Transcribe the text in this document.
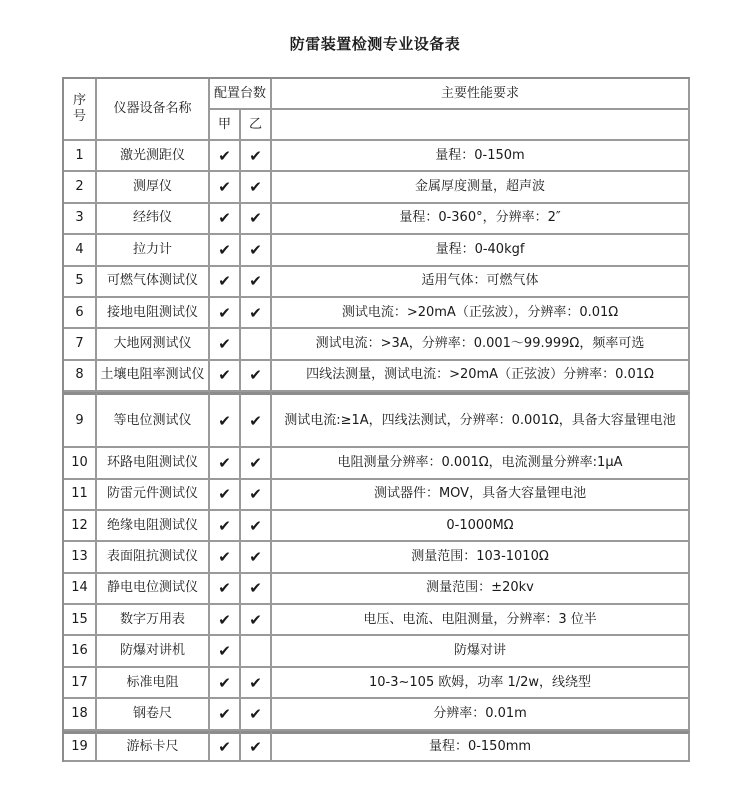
防雷装置检测专业设备表
序号	仪器设备名称	配置台数		主要性能要求
		甲	乙	
1	激光测距仪	✔	✔	量程：0-150m
2	测厚仪	✔	✔	金属厚度测量，超声波
3	经纬仪	✔	✔	量程：0-360°，分辨率：2″
4	拉力计	✔	✔	量程：0-40kgf
5	可燃气体测试仪	✔	✔	适用气体：可燃气体
6	接地电阻测试仪	✔	✔	测试电流：>20mA（正弦波），分辨率：0.01Ω
7	大地网测试仪	✔		测试电流：>3A，分辨率：0.001～99.999Ω，频率可选
8	土壤电阻率测试仪	✔	✔	四线法测量，测试电流：>20mA（正弦波）分辨率：0.01Ω
9	等电位测试仪	✔	✔	测试电流:≥1A，四线法测试，分辨率：0.001Ω，具备大容量锂电池
10	环路电阻测试仪	✔	✔	电阻测量分辨率：0.001Ω，电流测量分辨率:1μA
11	防雷元件测试仪	✔	✔	测试器件：MOV，具备大容量锂电池
12	绝缘电阻测试仪	✔	✔	0-1000MΩ
13	表面阻抗测试仪	✔	✔	测量范围：103-1010Ω
14	静电电位测试仪	✔	✔	测量范围：±20kv
15	数字万用表	✔	✔	电压、电流、电阻测量，分辨率：3 位半
16	防爆对讲机	✔		防爆对讲
17	标准电阻	✔	✔	10-3~105 欧姆，功率 1/2w，线绕型
18	钢卷尺	✔	✔	分辨率：0.01m
19	游标卡尺	✔	✔	量程：0-150mm
